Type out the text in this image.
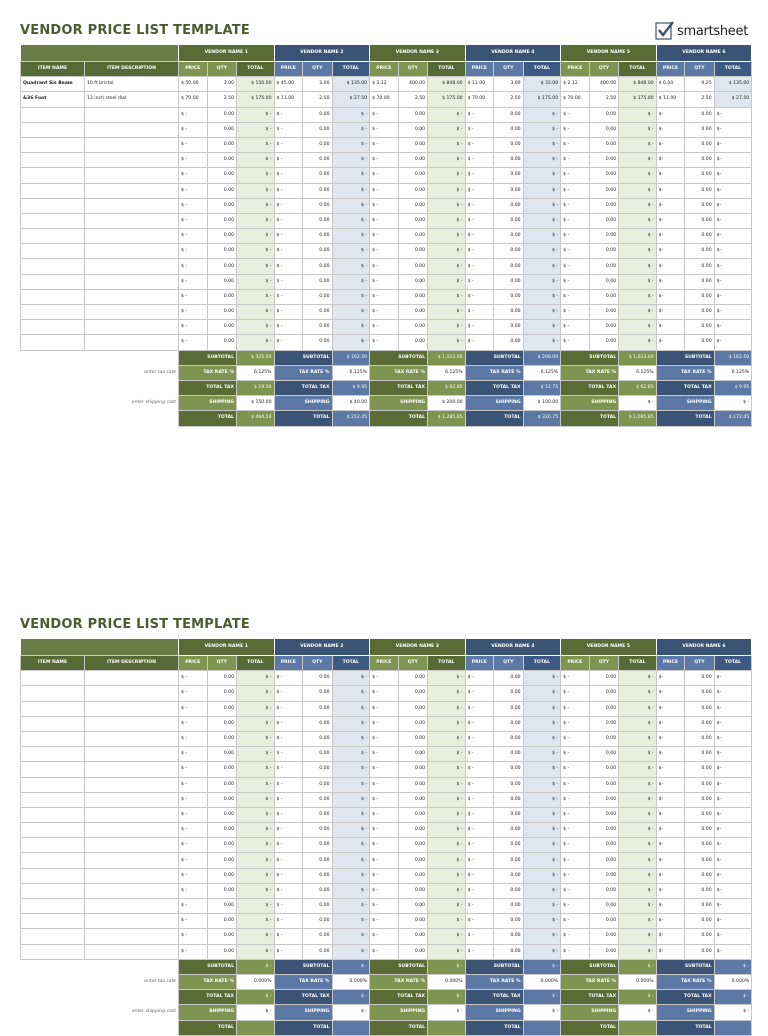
VENDOR PRICE LIST TEMPLATE	smartsheet
		VENDOR NAME 1			VENDOR NAME 2			VENDOR NAME 3			VENDOR NAME 4			VENDOR NAME 5			VENDOR NAME 6		
ITEM NAME	ITEM DESCRIPTION	PRICE	QTY	TOTAL	PRICE	QTY	TOTAL	PRICE	QTY	TOTAL	PRICE	QTY	TOTAL	PRICE	QTY	TOTAL	PRICE	QTY	TOTAL
Quadrant Sis Beam	10 ft bristol	$ 50.00	3.00	$ 150.00	$ 45.00	3.00	$ 135.00	$ 2.12	400.00	$ 848.00	$ 11.00	3.00	$ 33.00	$ 2.12	400.00	$ 848.00	$ 6.00	9.25	$ 135.00
&36 Foot	13 inch steel dial	$ 70.00	2.50	$ 175.00	$ 11.00	2.50	$ 27.50	$ 70.00	2.50	$ 175.00	$ 70.00	2.50	$ 175.00	$ 70.00	2.50	$ 175.00	$ 11.00	2.50	$ 27.50
		$ -	0.00	$ -	$ -	0.00	$ -	$ -	0.00	$ -	$ -	0.00	$ -	$ -	0.00	$ -	$-	0.00	$-
		$ -	0.00	$ -	$ -	0.00	$ -	$ -	0.00	$ -	$ -	0.00	$ -	$ -	0.00	$ -	$-	0.00	$-
		$ -	0.00	$ -	$ -	0.00	$ -	$ -	0.00	$ -	$ -	0.00	$ -	$ -	0.00	$ -	$-	0.00	$-
		$ -	0.00	$ -	$ -	0.00	$ -	$ -	0.00	$ -	$ -	0.00	$ -	$ -	0.00	$ -	$-	0.00	$-
		$ -	0.00	$ -	$ -	0.00	$ -	$ -	0.00	$ -	$ -	0.00	$ -	$ -	0.00	$ -	$-	0.00	$-
		$ -	0.00	$ -	$ -	0.00	$ -	$ -	0.00	$ -	$ -	0.00	$ -	$ -	0.00	$ -	$-	0.00	$-
		$ -	0.00	$ -	$ -	0.00	$ -	$ -	0.00	$ -	$ -	0.00	$ -	$ -	0.00	$ -	$-	0.00	$-
		$ -	0.00	$ -	$ -	0.00	$ -	$ -	0.00	$ -	$ -	0.00	$ -	$ -	0.00	$ -	$-	0.00	$-
		$ -	0.00	$ -	$ -	0.00	$ -	$ -	0.00	$ -	$ -	0.00	$ -	$ -	0.00	$ -	$-	0.00	$-
		$ -	0.00	$ -	$ -	0.00	$ -	$ -	0.00	$ -	$ -	0.00	$ -	$ -	0.00	$ -	$-	0.00	$-
		$ -	0.00	$ -	$ -	0.00	$ -	$ -	0.00	$ -	$ -	0.00	$ -	$ -	0.00	$ -	$-	0.00	$-
		$ -	0.00	$ -	$ -	0.00	$ -	$ -	0.00	$ -	$ -	0.00	$ -	$ -	0.00	$ -	$-	0.00	$-
		$ -	0.00	$ -	$ -	0.00	$ -	$ -	0.00	$ -	$ -	0.00	$ -	$ -	0.00	$ -	$-	0.00	$-
		$ -	0.00	$ -	$ -	0.00	$ -	$ -	0.00	$ -	$ -	0.00	$ -	$ -	0.00	$ -	$-	0.00	$-
		$ -	0.00	$ -	$ -	0.00	$ -	$ -	0.00	$ -	$ -	0.00	$ -	$ -	0.00	$ -	$-	0.00	$-
		$ -	0.00	$ -	$ -	0.00	$ -	$ -	0.00	$ -	$ -	0.00	$ -	$ -	0.00	$ -	$-	0.00	$-
		SUBTOTAL		$ 325.00	SUBTOTAL		$ 162.50	SUBTOTAL		$ 1,023.00	SUBTOTAL		$ 208.00	SUBTOTAL		$ 1,023.00	SUBTOTAL		$ 162.50
enter tax rate		TAX RATE %		6.125%	TAX RATE %		6.125%	TAX RATE %		6.125%	TAX RATE %		6.125%	TAX RATE %		6.125%	TAX RATE %		6.125%
		TOTAL TAX		$ 19.56	TOTAL TAX		$ 9.95	TOTAL TAX		$ 62.85	TOTAL TAX		$ 12.75	TOTAL TAX		$ 62.85	TOTAL TAX		$ 9.95
enter shipping cost		SHIPPING		$ 150.00	SHIPPING		$ 40.00	SHIPPING		$ 200.00	SHIPPING		$ 100.00	SHIPPING		$ -	SHIPPING		$ -
		TOTAL		$ 494.56	TOTAL		$ 212.45	TOTAL		$ 1,285.85	TOTAL		$ 320.75	TOTAL		$ 1,085.85	TOTAL		$ 172.45
VENDOR PRICE LIST TEMPLATE
		VENDOR NAME 1			VENDOR NAME 2			VENDOR NAME 3			VENDOR NAME 4			VENDOR NAME 5			VENDOR NAME 6		
ITEM NAME	ITEM DESCRIPTION	PRICE	QTY	TOTAL	PRICE	QTY	TOTAL	PRICE	QTY	TOTAL	PRICE	QTY	TOTAL	PRICE	QTY	TOTAL	PRICE	QTY	TOTAL
		$ -	0.00	$ -	$ -	0.00	$ -	$ -	0.00	$ -	$ -	0.00	$ -	$ -	0.00	$ -	$-	0.00	$-
		$ -	0.00	$ -	$ -	0.00	$ -	$ -	0.00	$ -	$ -	0.00	$ -	$ -	0.00	$ -	$-	0.00	$-
		$ -	0.00	$ -	$ -	0.00	$ -	$ -	0.00	$ -	$ -	0.00	$ -	$ -	0.00	$ -	$-	0.00	$-
		$ -	0.00	$ -	$ -	0.00	$ -	$ -	0.00	$ -	$ -	0.00	$ -	$ -	0.00	$ -	$-	0.00	$-
		$ -	0.00	$ -	$ -	0.00	$ -	$ -	0.00	$ -	$ -	0.00	$ -	$ -	0.00	$ -	$-	0.00	$-
		$ -	0.00	$ -	$ -	0.00	$ -	$ -	0.00	$ -	$ -	0.00	$ -	$ -	0.00	$ -	$-	0.00	$-
		$ -	0.00	$ -	$ -	0.00	$ -	$ -	0.00	$ -	$ -	0.00	$ -	$ -	0.00	$ -	$-	0.00	$-
		$ -	0.00	$ -	$ -	0.00	$ -	$ -	0.00	$ -	$ -	0.00	$ -	$ -	0.00	$ -	$-	0.00	$-
		$ -	0.00	$ -	$ -	0.00	$ -	$ -	0.00	$ -	$ -	0.00	$ -	$ -	0.00	$ -	$-	0.00	$-
		$ -	0.00	$ -	$ -	0.00	$ -	$ -	0.00	$ -	$ -	0.00	$ -	$ -	0.00	$ -	$-	0.00	$-
		$ -	0.00	$ -	$ -	0.00	$ -	$ -	0.00	$ -	$ -	0.00	$ -	$ -	0.00	$ -	$-	0.00	$-
		$ -	0.00	$ -	$ -	0.00	$ -	$ -	0.00	$ -	$ -	0.00	$ -	$ -	0.00	$ -	$-	0.00	$-
		$ -	0.00	$ -	$ -	0.00	$ -	$ -	0.00	$ -	$ -	0.00	$ -	$ -	0.00	$ -	$-	0.00	$-
		$ -	0.00	$ -	$ -	0.00	$ -	$ -	0.00	$ -	$ -	0.00	$ -	$ -	0.00	$ -	$-	0.00	$-
		$ -	0.00	$ -	$ -	0.00	$ -	$ -	0.00	$ -	$ -	0.00	$ -	$ -	0.00	$ -	$-	0.00	$-
		$ -	0.00	$ -	$ -	0.00	$ -	$ -	0.00	$ -	$ -	0.00	$ -	$ -	0.00	$ -	$-	0.00	$-
		$ -	0.00	$ -	$ -	0.00	$ -	$ -	0.00	$ -	$ -	0.00	$ -	$ -	0.00	$ -	$-	0.00	$-
		$ -	0.00	$ -	$ -	0.00	$ -	$ -	0.00	$ -	$ -	0.00	$ -	$ -	0.00	$ -	$-	0.00	$-
		$ -	0.00	$ -	$ -	0.00	$ -	$ -	0.00	$ -	$ -	0.00	$ -	$ -	0.00	$ -	$-	0.00	$-
		SUBTOTAL		$ -	SUBTOTAL		$ -	SUBTOTAL		$ -	SUBTOTAL		$ -	SUBTOTAL		$ -	SUBTOTAL		$ -
enter tax rate		TAX RATE %		0.000%	TAX RATE %		0.000%	TAX RATE %		0.000%	TAX RATE %		0.000%	TAX RATE %		0.000%	TAX RATE %		0.000%
		TOTAL TAX		$ -	TOTAL TAX		$ -	TOTAL TAX		$ -	TOTAL TAX		$ -	TOTAL TAX		$ -	TOTAL TAX		$ -
enter shipping cost		SHIPPING		$ -	SHIPPING		$ -	SHIPPING		$ -	SHIPPING		$ -	SHIPPING		$ -	SHIPPING		$ -
		TOTAL			TOTAL			TOTAL			TOTAL			TOTAL			TOTAL		
